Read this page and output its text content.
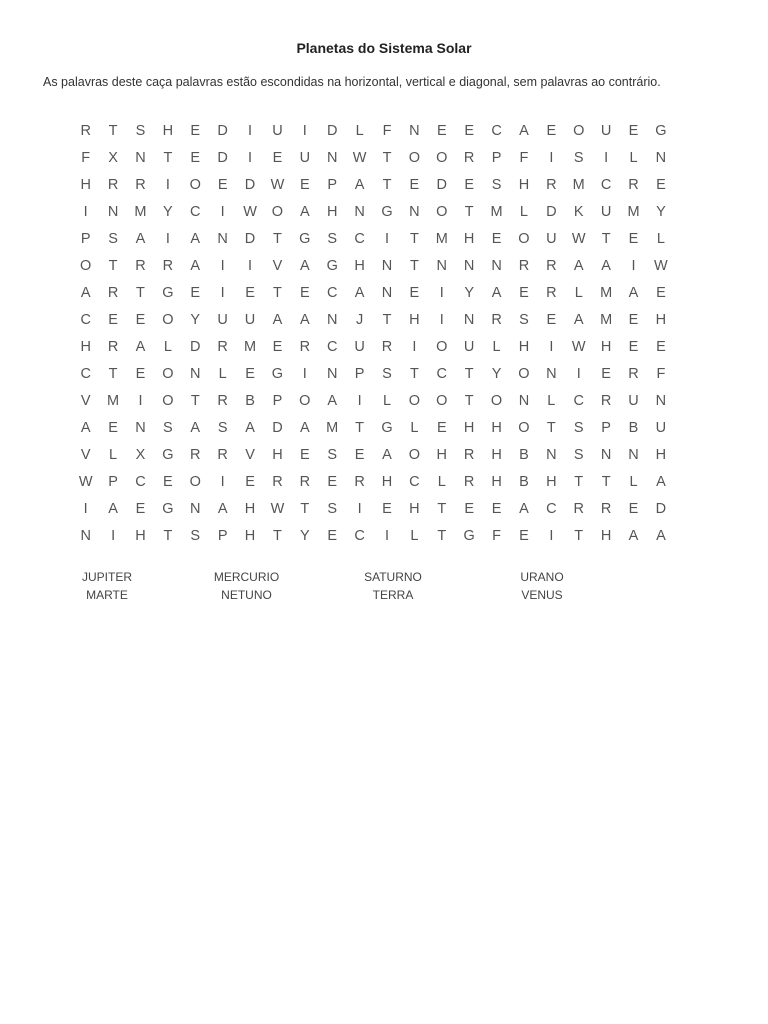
Planetas do Sistema Solar
As palavras deste caça palavras estão escondidas na horizontal, vertical e diagonal, sem palavras ao contrário.
R	T	S	H	E	D	I	U	I	D	L	F	N	E	E	C	A	E	O	U	E	G
F	X	N	T	E	D	I	E	U	N	W	T	O	O	R	P	F	I	S	I	L	N
H	R	R	I	O	E	D	W	E	P	A	T	E	D	E	S	H	R	M	C	R	E
I	N	M	Y	C	I	W	O	A	H	N	G	N	O	T	M	L	D	K	U	M	Y
P	S	A	I	A	N	D	T	G	S	C	I	T	M	H	E	O	U	W	T	E	L
O	T	R	R	A	I	I	V	A	G	H	N	T	N	N	N	R	R	A	A	I	W
A	R	T	G	E	I	E	T	E	C	A	N	E	I	Y	A	E	R	L	M	A	E
C	E	E	O	Y	U	U	A	A	N	J	T	H	I	N	R	S	E	A	M	E	H
H	R	A	L	D	R	M	E	R	C	U	R	I	O	U	L	H	I	W	H	E	E
C	T	E	O	N	L	E	G	I	N	P	S	T	C	T	Y	O	N	I	E	R	F
V	M	I	O	T	R	B	P	O	A	I	L	O	O	T	O	N	L	C	R	U	N
A	E	N	S	A	S	A	D	A	M	T	G	L	E	H	H	O	T	S	P	B	U
V	L	X	G	R	R	V	H	E	S	E	A	O	H	R	H	B	N	S	N	N	H
W	P	C	E	O	I	E	R	R	E	R	H	C	L	R	H	B	H	T	T	L	A
I	A	E	G	N	A	H	W	T	S	I	E	H	T	E	E	A	C	R	R	E	D
N	I	H	T	S	P	H	T	Y	E	C	I	L	T	G	F	E	I	T	H	A	A
JUPITER	MERCURIO	SATURNO	URANO
MARTE	NETUNO	TERRA	VENUS
